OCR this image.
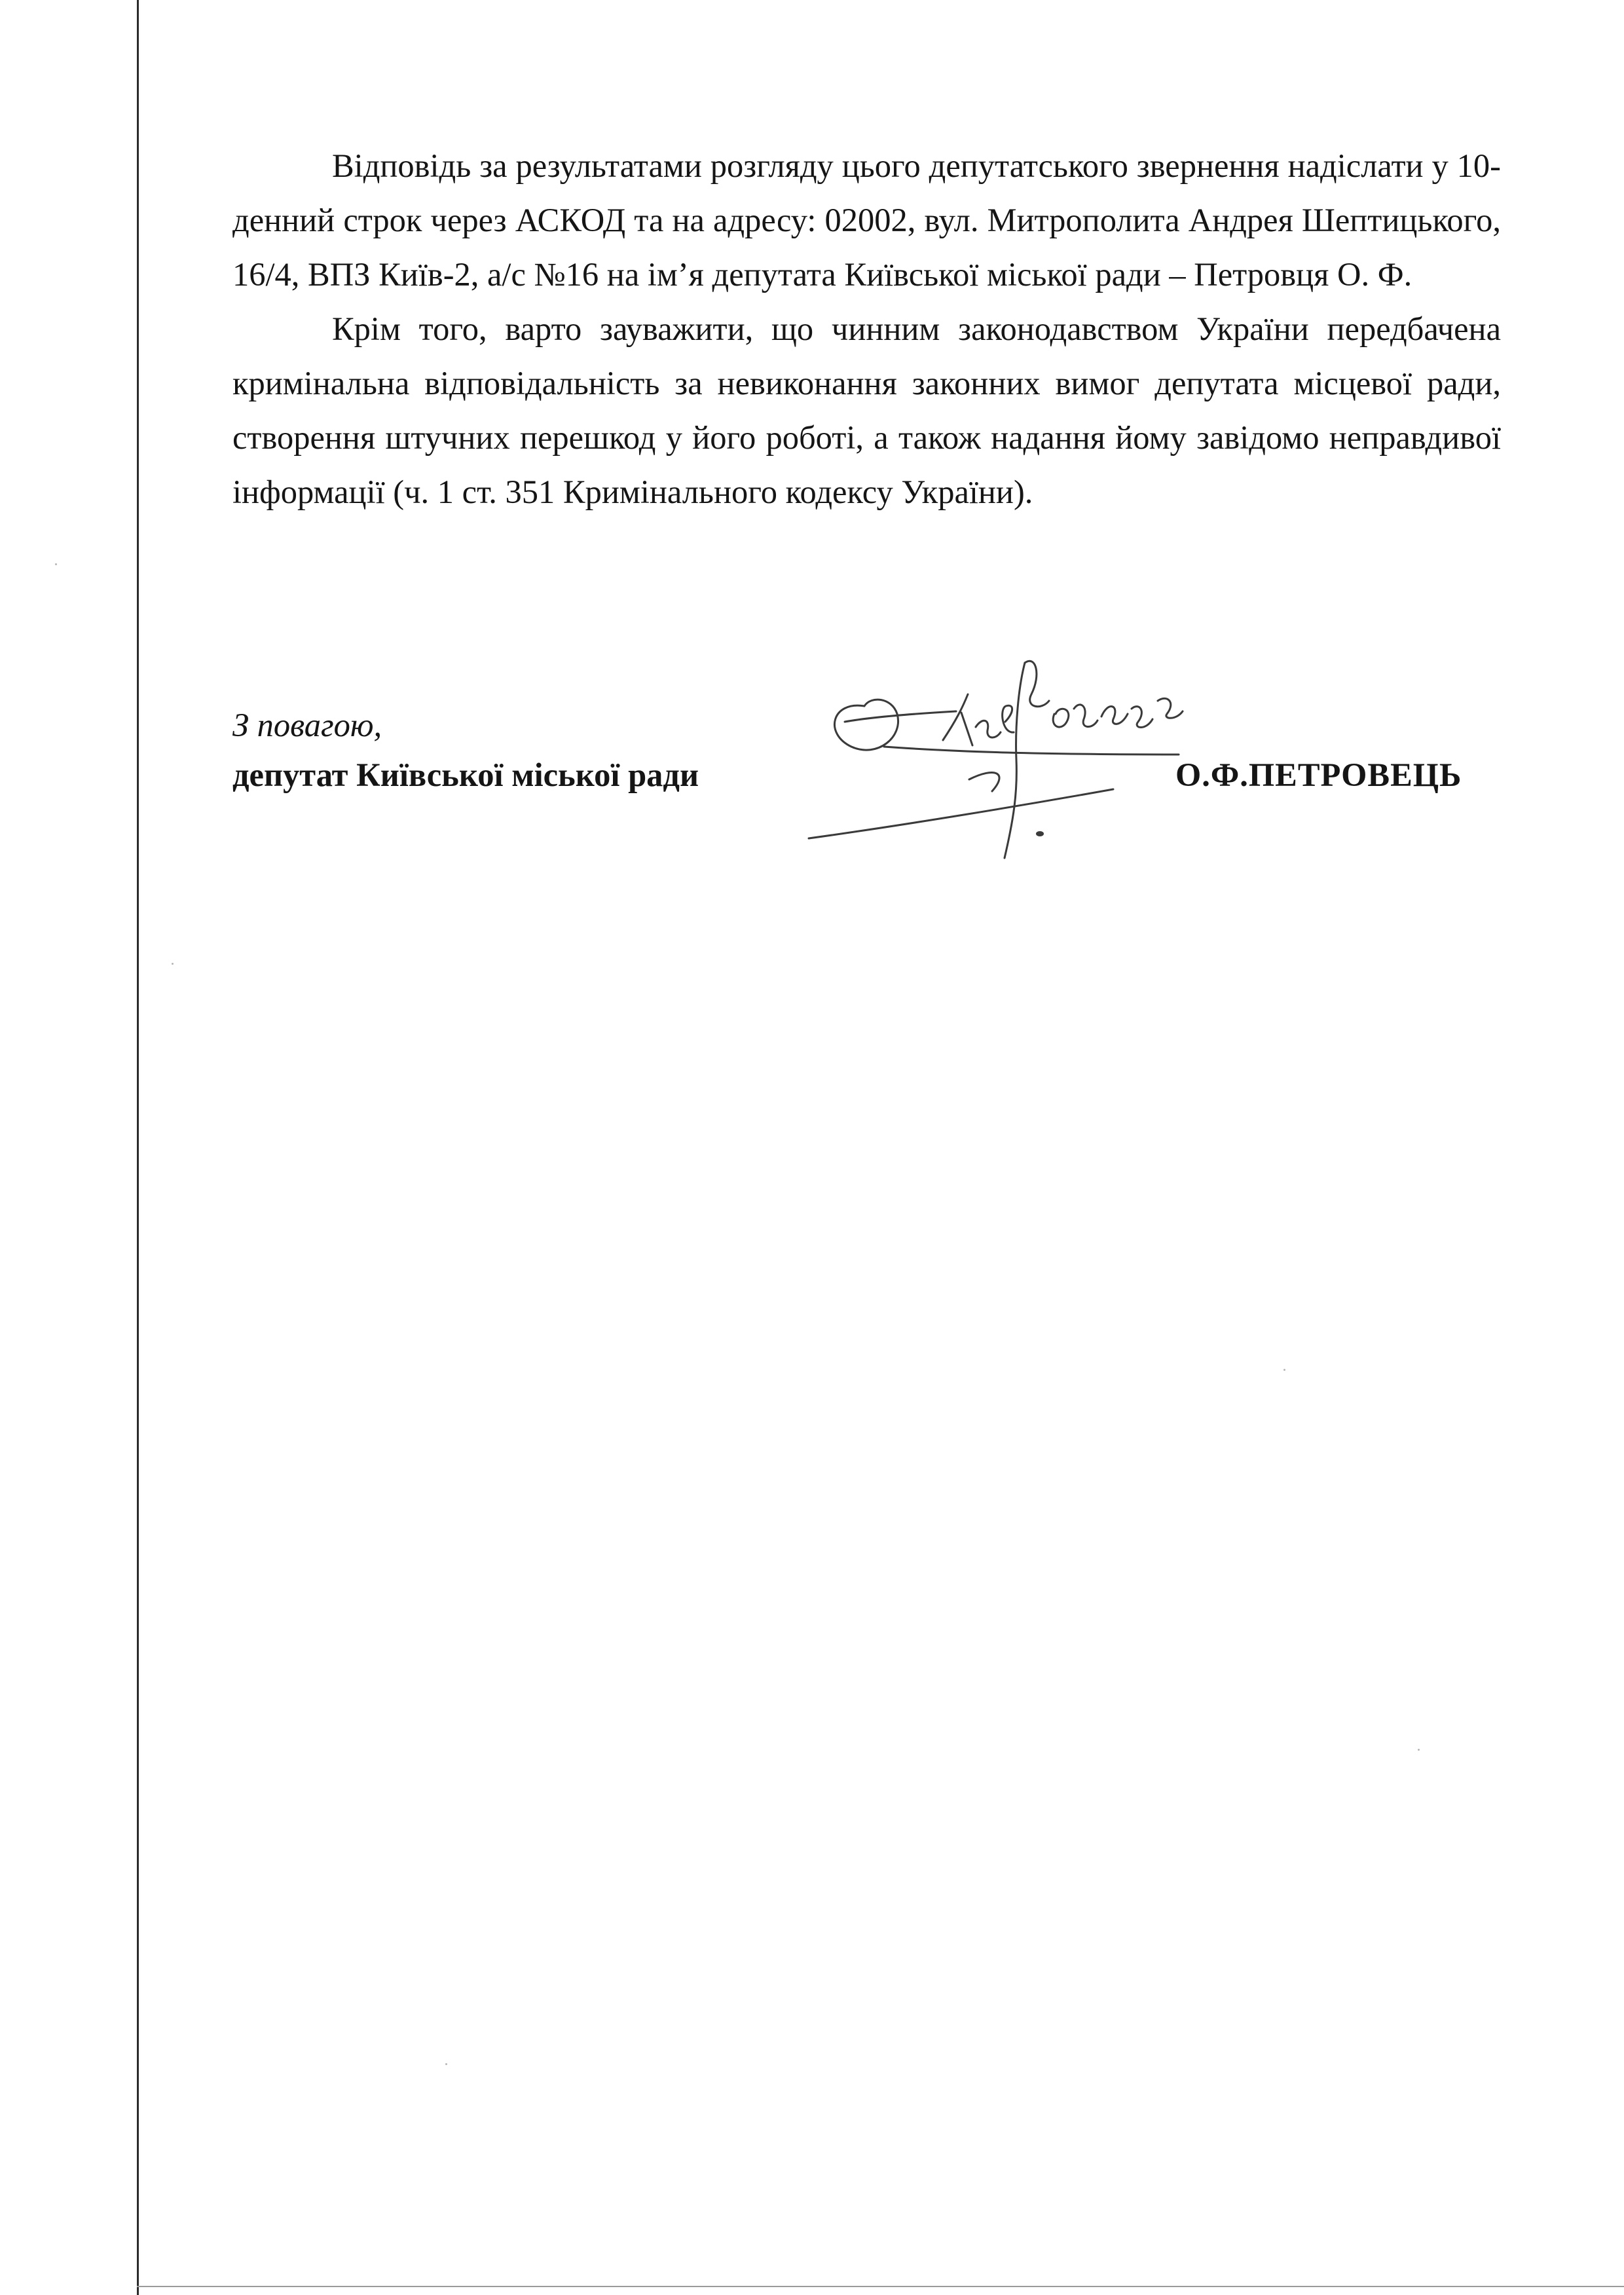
Відповідь за результатами розгляду цього депутатського звернення надіслати у 10-денний строк через АСКОД та на адресу: 02002, вул. Митрополита Андрея Шептицького, 16/4, ВПЗ Київ-2, а/с №16 на ім’я депутата Київської міської ради – Петровця О. Ф.

Крім того, варто зауважити, що чинним законодавством України передбачена кримінальна відповідальність за невиконання законних вимог депутата місцевої ради, створення штучних перешкод у його роботі, а також надання йому завідомо неправдивої інформації (ч. 1 ст. 351 Кримінального кодексу України).

З повагою,
депутат Київської міської ради	О.Ф.ПЕТРОВЕЦЬ
